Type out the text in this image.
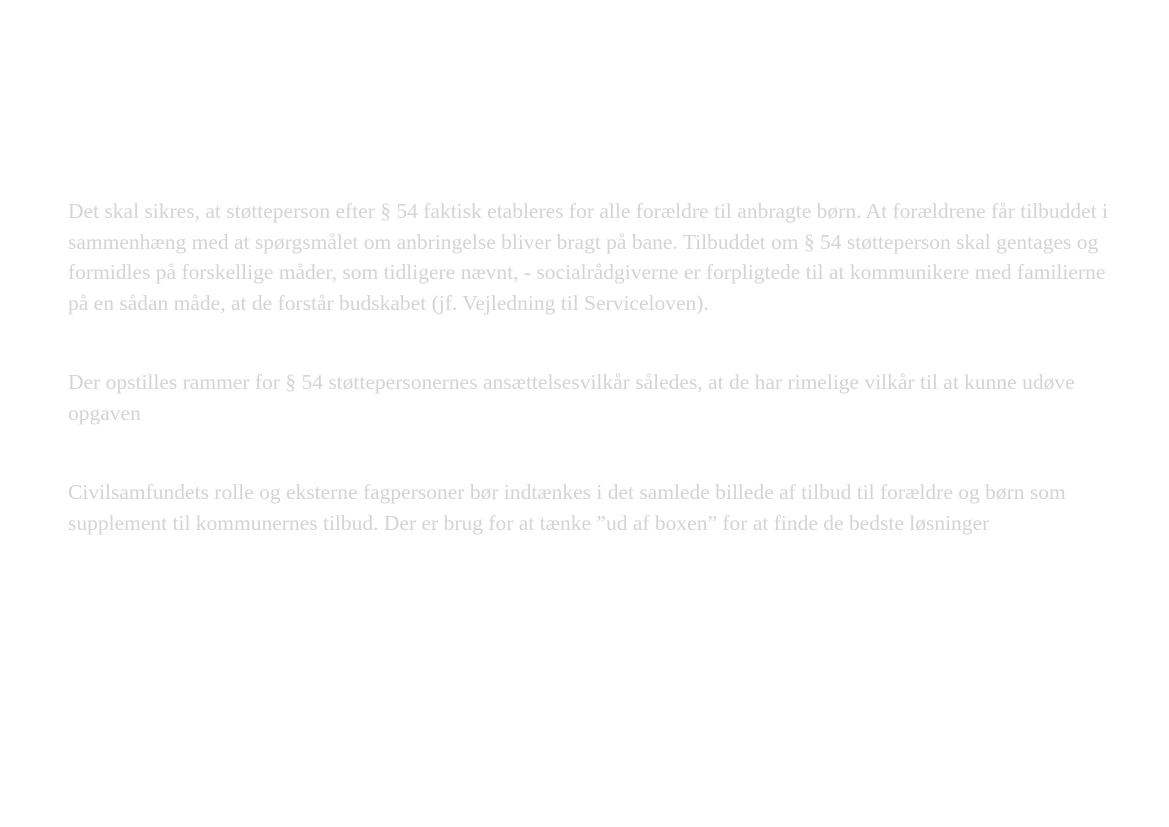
Det skal sikres, at støtteperson efter § 54 faktisk etableres for alle forældre til anbragte børn. At forældrene får tilbuddet i sammenhæng med at spørgsmålet om anbringelse bliver bragt på bane. Tilbuddet om § 54 støtteperson skal gentages og formidles på forskellige måder, som tidligere nævnt, - socialrådgiverne er forpligtede til at kommunikere med familierne på en sådan måde, at de forstår budskabet (jf. Vejledning til Serviceloven).

Der opstilles rammer for § 54 støttepersonernes ansættelsesvilkår således, at de har rimelige vilkår til at kunne udøve opgaven

Civilsamfundets rolle og eksterne fagpersoner bør indtænkes i det samlede billede af tilbud til forældre og børn som supplement til kommunernes tilbud. Der er brug for at tænke ”ud af boxen” for at finde de bedste løsninger
